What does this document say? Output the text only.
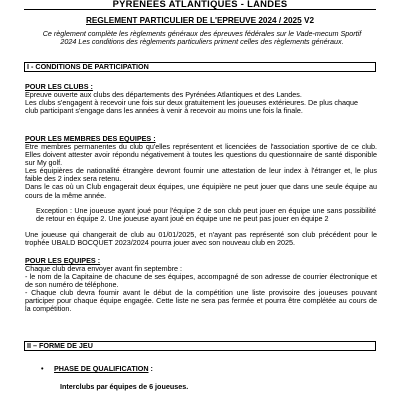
PYRÉNÉES ATLANTIQUES - LANDES
REGLEMENT PARTICULIER DE L'EPREUVE 2024 / 2025 V2
Ce règlement complète les règlements généraux des épreuves fédérales sur le Vade-mecum Sportif
2024 Les conditions des règlements particuliers priment celles des règlements généraux.
I - CONDITIONS DE PARTICIPATION
POUR LES CLUBS :

Epreuve ouverte aux clubs des départements des Pyrénées Atlantiques et des Landes.

Les clubs s'engagent à recevoir une fois sur deux gratuitement les joueuses extérieures. De plus chaque

club participant s'engage dans les années à venir à recevoir au moins une fois la finale.

POUR LES MEMBRES DES EQUIPES :

Etre membres permanentes du club qu'elles représentent et licenciées de l'association sportive de ce club. Elles doivent attester avoir répondu négativement à toutes les questions du questionnaire de santé disponible sur My golf.

Les équipières de nationalité étrangère devront fournir une attestation de leur index à l'étranger et, le plus faible des 2 index sera retenu.

Dans le cas où un Club engagerait deux équipes, une équipière ne peut jouer que dans une seule équipe au cours de la même année.

Exception : Une joueuse ayant joué pour l'équipe 2 de son club peut jouer en équipe une sans possibilité de retour en équipe 2. Une joueuse ayant joué en équipe une ne peut pas jouer en équipe 2

Une joueuse qui changerait de club au 01/01/2025, et n'ayant pas représenté son club précédent pour le trophée UBALD BOCQUET 2023/2024 pourra jouer avec son nouveau club en 2025.

POUR LES EQUIPES :

Chaque club devra envoyer avant fin septembre :

- le nom de la Capitaine de chacune de ses équipes, accompagné de son adresse de courrier électronique et de son numéro de téléphone.

- Chaque club devra fournir avant le début de la compétition une liste provisoire des joueuses pouvant participer pour chaque équipe engagée. Cette liste ne sera pas fermée et pourra être complétée au cours de la compétition.

II – FORME DE JEU
• PHASE DE QUALIFICATION :
Interclubs par équipes de 6 joueuses.
